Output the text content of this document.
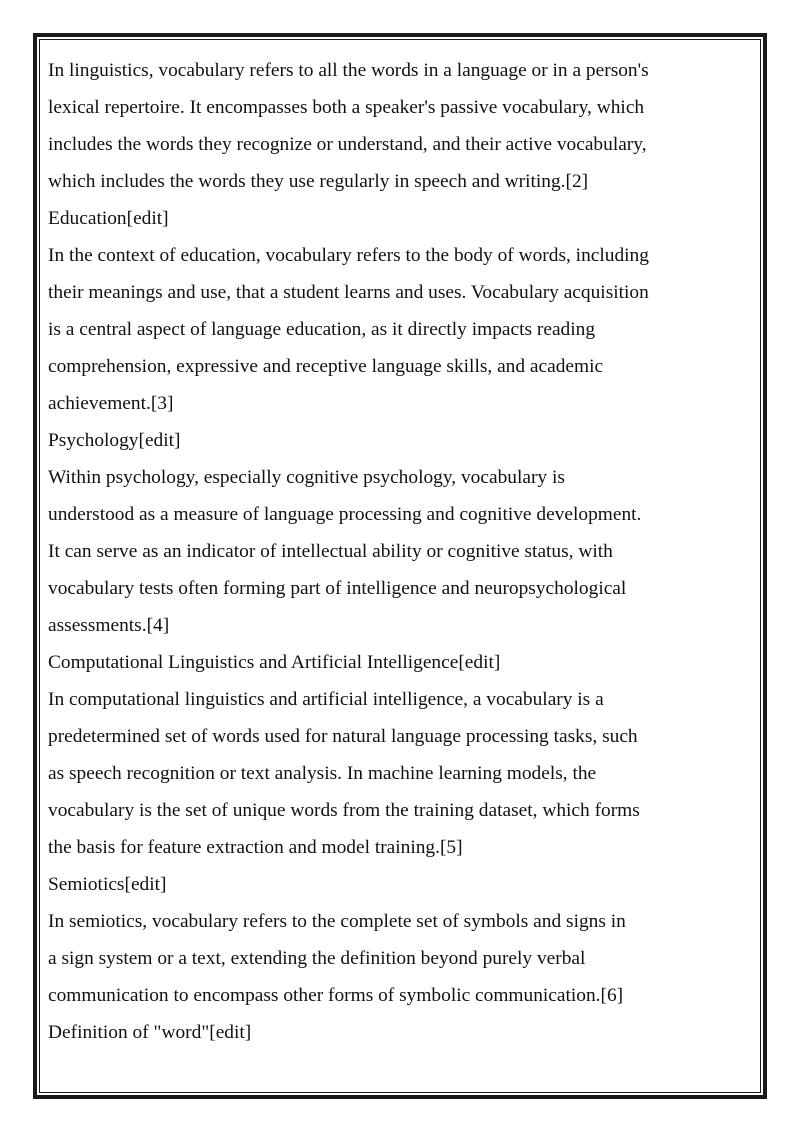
In linguistics, vocabulary refers to all the words in a language or in a person's
lexical repertoire. It encompasses both a speaker's passive vocabulary, which
includes the words they recognize or understand, and their active vocabulary,
which includes the words they use regularly in speech and writing.[2]
Education[edit]
In the context of education, vocabulary refers to the body of words, including
their meanings and use, that a student learns and uses. Vocabulary acquisition
is a central aspect of language education, as it directly impacts reading
comprehension, expressive and receptive language skills, and academic
achievement.[3]
Psychology[edit]
Within psychology, especially cognitive psychology, vocabulary is
understood as a measure of language processing and cognitive development.
It can serve as an indicator of intellectual ability or cognitive status, with
vocabulary tests often forming part of intelligence and neuropsychological
assessments.[4]
Computational Linguistics and Artificial Intelligence[edit]
In computational linguistics and artificial intelligence, a vocabulary is a
predetermined set of words used for natural language processing tasks, such
as speech recognition or text analysis. In machine learning models, the
vocabulary is the set of unique words from the training dataset, which forms
the basis for feature extraction and model training.[5]
Semiotics[edit]
In semiotics, vocabulary refers to the complete set of symbols and signs in
a sign system or a text, extending the definition beyond purely verbal
communication to encompass other forms of symbolic communication.[6]
Definition of "word"[edit]
